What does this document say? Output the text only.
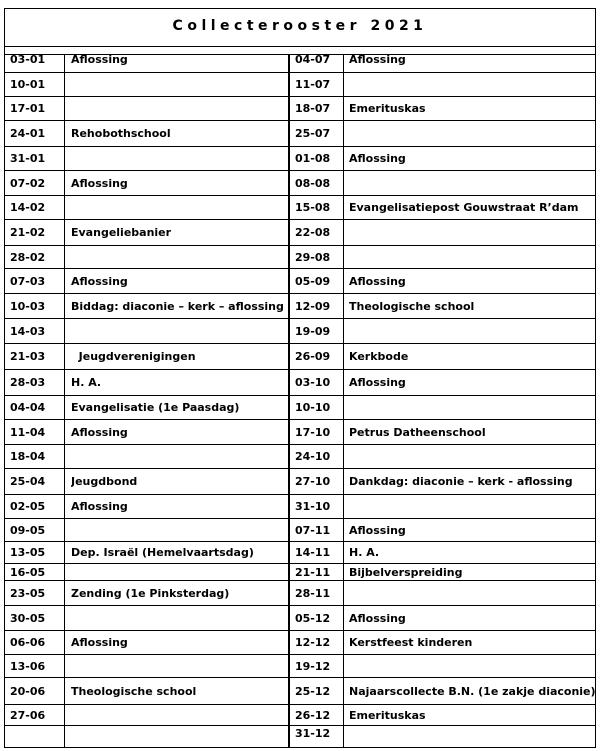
Collecterooster 2021
03-01 Aflossing
10-01
17-01
24-01 Rehobothschool
31-01
07-02 Aflossing
14-02
21-02 Evangeliebanier
28-02
07-03 Aflossing
10-03 Biddag: diaconie – kerk – aflossing
14-03
21-03 Jeugdverenigingen
28-03 H. A.
04-04 Evangelisatie (1e Paasdag)
11-04 Aflossing
18-04
25-04 Jeugdbond
02-05 Aflossing
09-05
13-05 Dep. Israël (Hemelvaartsdag)
16-05
23-05 Zending (1e Pinksterdag)
30-05
06-06 Aflossing
13-06
20-06 Theologische school
27-06
04-07 Aflossing
11-07
18-07 Emerituskas
25-07
01-08 Aflossing
08-08
15-08 Evangelisatiepost Gouwstraat R’dam
22-08
29-08
05-09 Aflossing
12-09 Theologische school
19-09
26-09 Kerkbode
03-10 Aflossing
10-10
17-10 Petrus Datheenschool
24-10
27-10 Dankdag: diaconie – kerk - aflossing
31-10
07-11 Aflossing
14-11 H. A.
21-11 Bijbelverspreiding
28-11
05-12 Aflossing
12-12 Kerstfeest kinderen
19-12
25-12 Najaarscollecte B.N. (1e zakje diaconie)
26-12 Emerituskas
31-12
